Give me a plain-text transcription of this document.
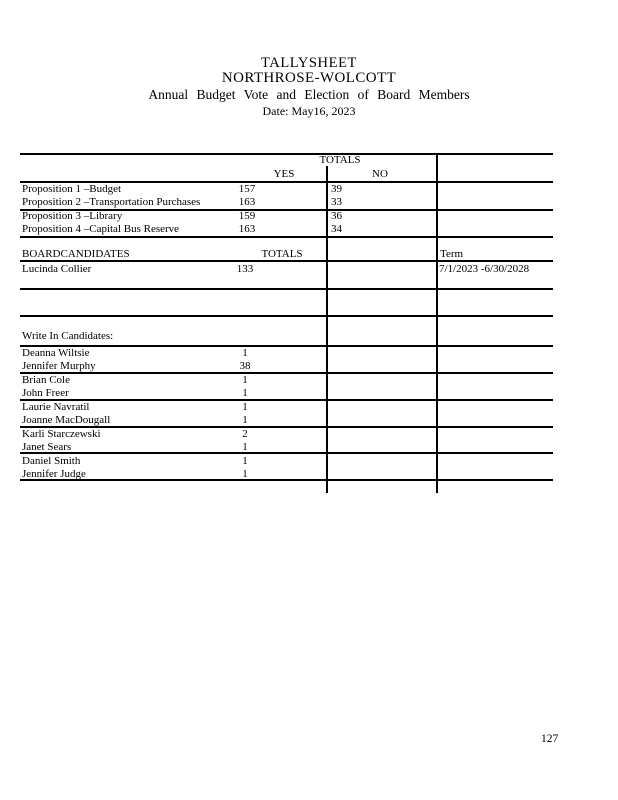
TALLYSHEET
NORTHROSE-WOLCOTT
Annual Budget Vote and Election of Board Members
Date: May16, 2023
TOTALS
YES	NO
Proposition 1 –Budget	157	39
Proposition 2 –Transportation Purchases	163	33
Proposition 3 –Library	159	36
Proposition 4 –Capital Bus Reserve	163	34
BOARDCANDIDATES	TOTALS	Term
Lucinda Collier	133	7/1/2023 -6/30/2028
Write In Candidates:
Deanna Wiltsie	1
Jennifer Murphy	38
Brian Cole	1
John Freer	1
Laurie Navratil	1
Joanne MacDougall	1
Karli Starczewski	2
Janet Sears	1
Daniel Smith	1
Jennifer Judge	1
127
